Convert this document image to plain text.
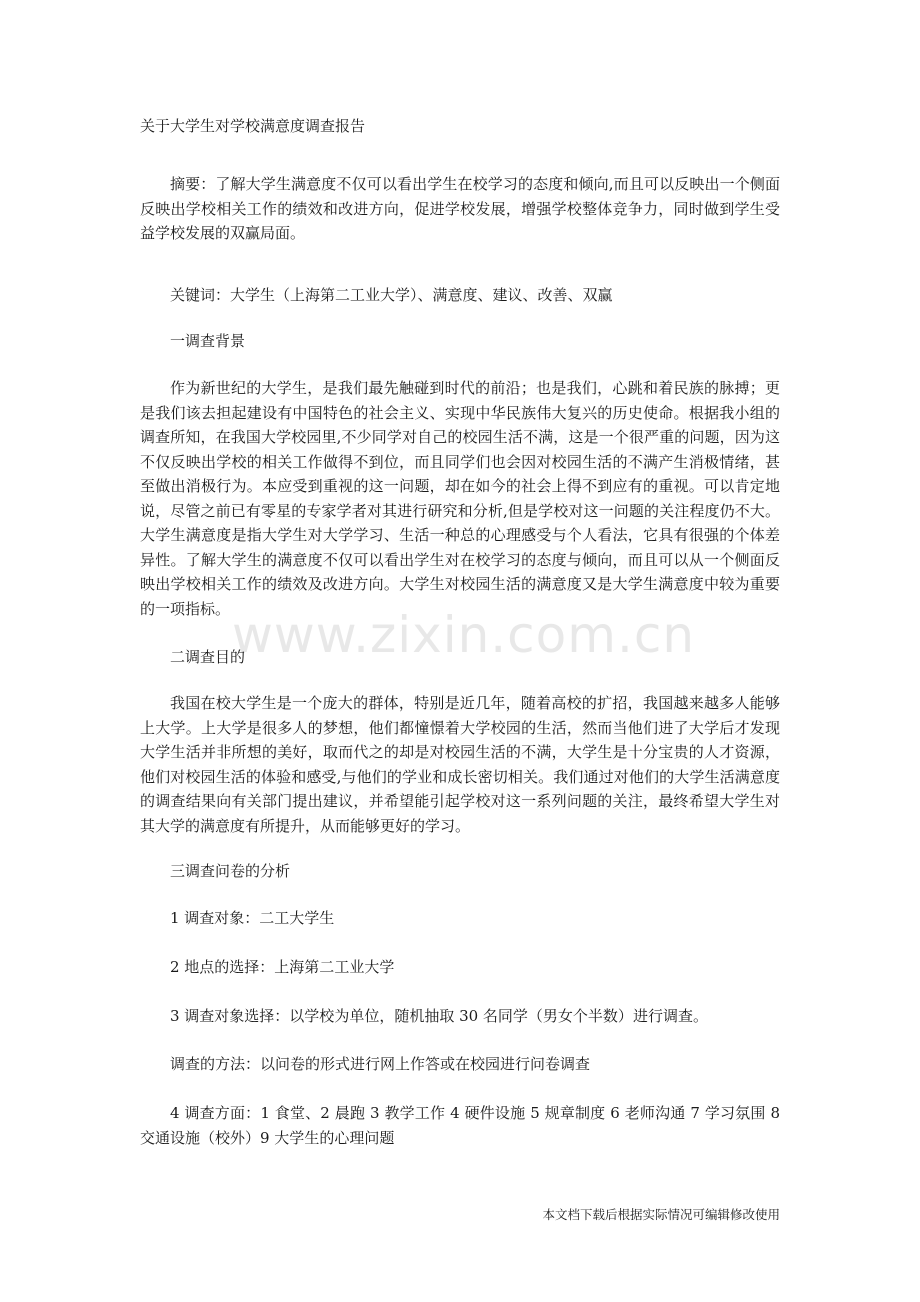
www.zixin.com.cn
关于大学生对学校满意度调查报告

摘要：了解大学生满意度不仅可以看出学生在校学习的态度和倾向,而且可以反映出一个侧面反映出学校相关工作的绩效和改进方向，促进学校发展，增强学校整体竞争力，同时做到学生受益学校发展的双赢局面。

关键词：大学生（上海第二工业大学）、满意度、建议、改善、双赢

一调查背景

作为新世纪的大学生，是我们最先触碰到时代的前沿；也是我们，心跳和着民族的脉搏；更是我们该去担起建设有中国特色的社会主义、实现中华民族伟大复兴的历史使命。根据我小组的调查所知，在我国大学校园里,不少同学对自己的校园生活不满，这是一个很严重的问题，因为这不仅反映出学校的相关工作做得不到位，而且同学们也会因对校园生活的不满产生消极情绪，甚至做出消极行为。本应受到重视的这一问题，却在如今的社会上得不到应有的重视。可以肯定地说，尽管之前已有零星的专家学者对其进行研究和分析,但是学校对这一问题的关注程度仍不大。大学生满意度是指大学生对大学学习、生活一种总的心理感受与个人看法，它具有很强的个体差异性。了解大学生的满意度不仅可以看出学生对在校学习的态度与倾向，而且可以从一个侧面反映出学校相关工作的绩效及改进方向。大学生对校园生活的满意度又是大学生满意度中较为重要的一项指标。

二调查目的

我国在校大学生是一个庞大的群体，特别是近几年，随着高校的扩招，我国越来越多人能够上大学。上大学是很多人的梦想，他们都憧憬着大学校园的生活，然而当他们进了大学后才发现大学生活并非所想的美好，取而代之的却是对校园生活的不满，大学生是十分宝贵的人才资源，他们对校园生活的体验和感受,与他们的学业和成长密切相关。我们通过对他们的大学生活满意度的调查结果向有关部门提出建议，并希望能引起学校对这一系列问题的关注，最终希望大学生对其大学的满意度有所提升，从而能够更好的学习。

三调查问卷的分析

1 调查对象：二工大学生

2 地点的选择：上海第二工业大学

3 调查对象选择：以学校为单位，随机抽取 30 名同学（男女个半数）进行调查。

调查的方法：以问卷的形式进行网上作答或在校园进行问卷调查

4 调查方面：1 食堂、2 晨跑 3 教学工作 4 硬件设施 5 规章制度 6 老师沟通 7 学习氛围 8 交通设施（校外）9 大学生的心理问题

本文档下载后根据实际情况可编辑修改使用
